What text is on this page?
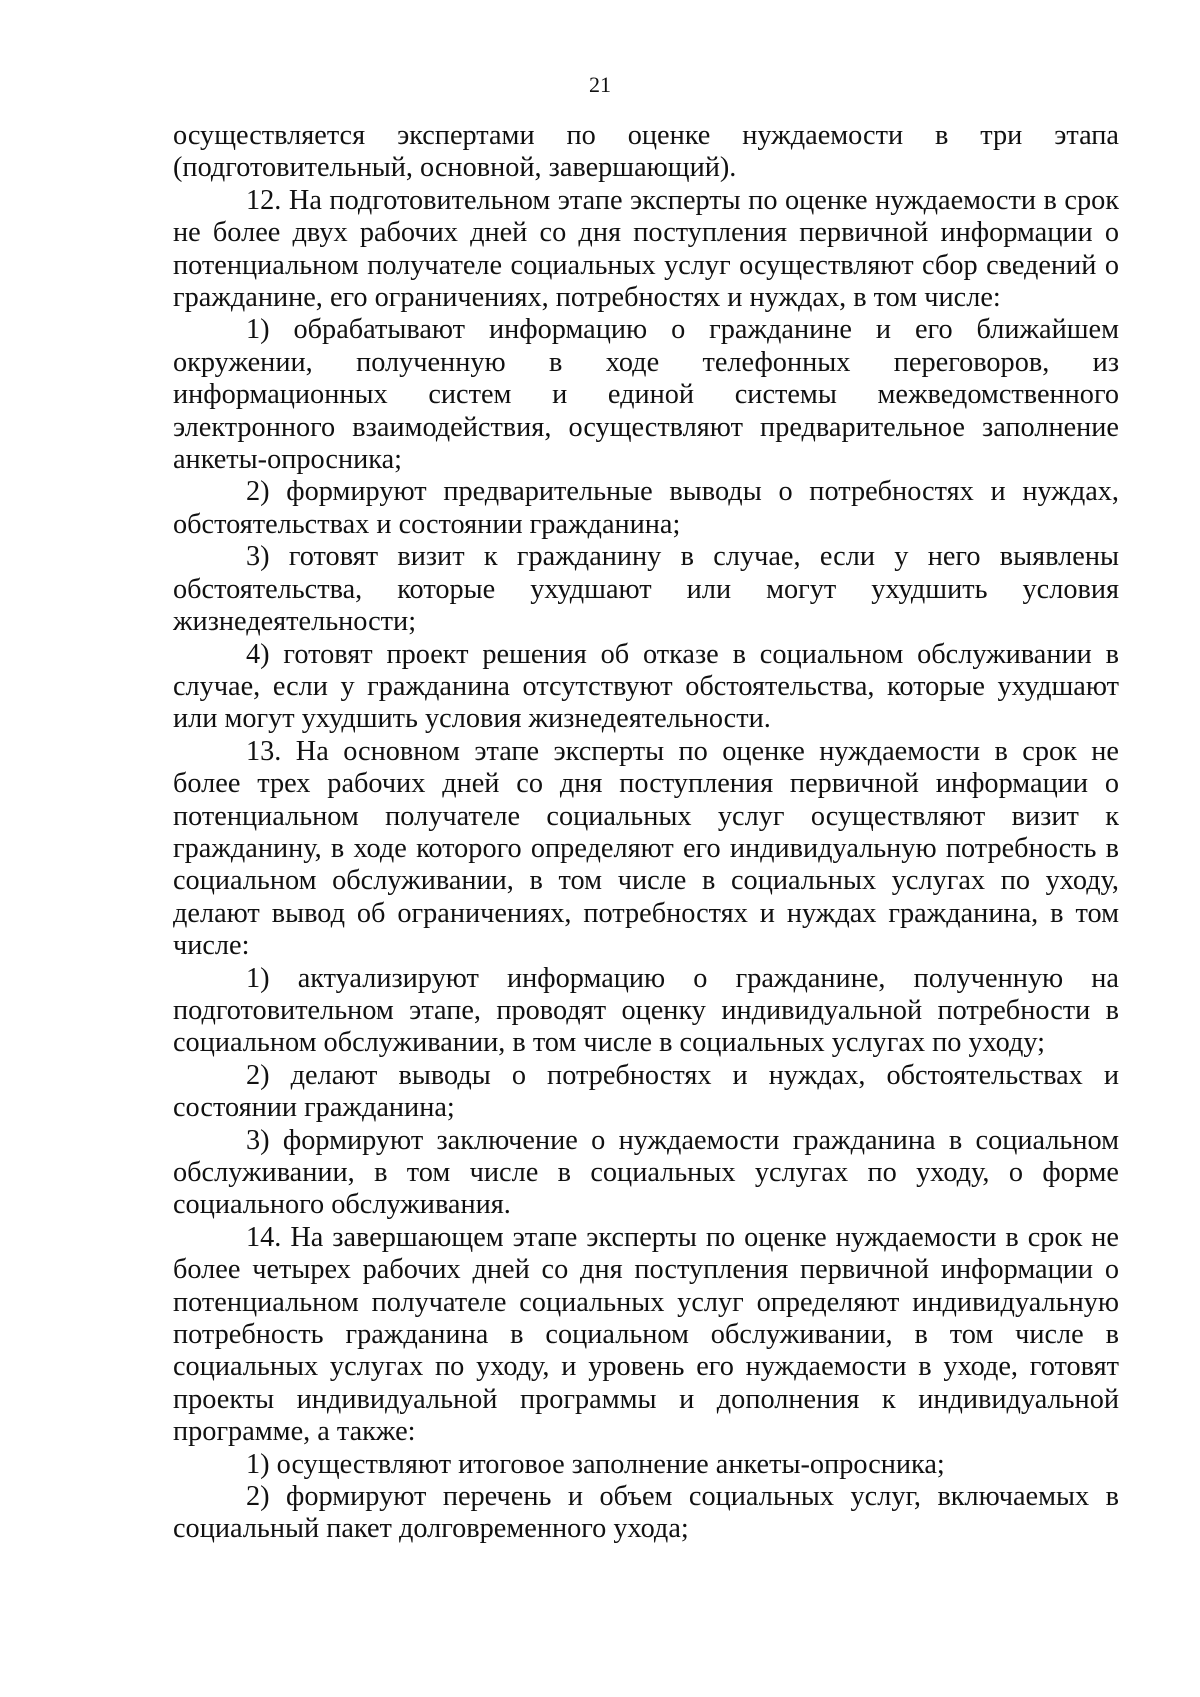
21

осуществляется экспертами по оценке нуждаемости в три этапа (подготовительный, основной, завершающий).

12. На подготовительном этапе эксперты по оценке нуждаемости в срок не более двух рабочих дней со дня поступления первичной информации о потенциальном получателе социальных услуг осуществляют сбор сведений о гражданине, его ограничениях, потребностях и нуждах, в том числе:

1) обрабатывают информацию о гражданине и его ближайшем окружении, полученную в ходе телефонных переговоров, из информационных систем и единой системы межведомственного электронного взаимодействия, осуществляют предварительное заполнение анкеты-опросника;

2) формируют предварительные выводы о потребностях и нуждах, обстоятельствах и состоянии гражданина;

3) готовят визит к гражданину в случае, если у него выявлены обстоятельства, которые ухудшают или могут ухудшить условия жизнедеятельности;

4) готовят проект решения об отказе в социальном обслуживании в случае, если у гражданина отсутствуют обстоятельства, которые ухудшают или могут ухудшить условия жизнедеятельности.

13. На основном этапе эксперты по оценке нуждаемости в срок не более трех рабочих дней со дня поступления первичной информации о потенциальном получателе социальных услуг осуществляют визит к гражданину, в ходе которого определяют его индивидуальную потребность в социальном обслуживании, в том числе в социальных услугах по уходу, делают вывод об ограничениях, потребностях и нуждах гражданина, в том числе:

1) актуализируют информацию о гражданине, полученную на подготовительном этапе, проводят оценку индивидуальной потребности в социальном обслуживании, в том числе в социальных услугах по уходу;

2) делают выводы о потребностях и нуждах, обстоятельствах и состоянии гражданина;

3) формируют заключение о нуждаемости гражданина в социальном обслуживании, в том числе в социальных услугах по уходу, о форме социального обслуживания.

14. На завершающем этапе эксперты по оценке нуждаемости в срок не более четырех рабочих дней со дня поступления первичной информации о потенциальном получателе социальных услуг определяют индивидуальную потребность гражданина в социальном обслуживании, в том числе в социальных услугах по уходу, и уровень его нуждаемости в уходе, готовят проекты индивидуальной программы и дополнения к индивидуальной программе, а также:

1) осуществляют итоговое заполнение анкеты-опросника;

2) формируют перечень и объем социальных услуг, включаемых в социальный пакет долговременного ухода;
